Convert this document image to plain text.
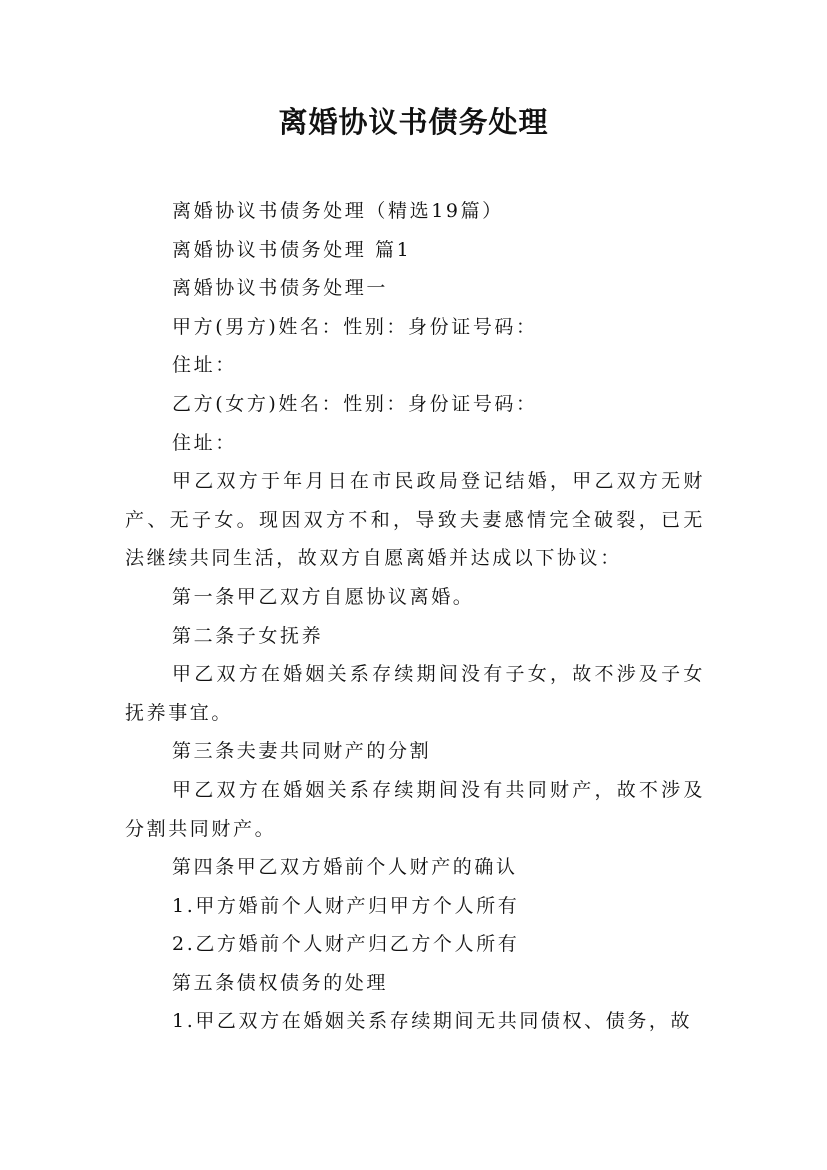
离婚协议书债务处理

离婚协议书债务处理（精选19篇）

离婚协议书债务处理 篇1

离婚协议书债务处理一

甲方(男方)姓名：性别：身份证号码：

住址：

乙方(女方)姓名：性别：身份证号码：

住址：

甲乙双方于年月日在市民政局登记结婚，甲乙双方无财产、无子女。现因双方不和，导致夫妻感情完全破裂，已无法继续共同生活，故双方自愿离婚并达成以下协议：

第一条甲乙双方自愿协议离婚。

第二条子女抚养

甲乙双方在婚姻关系存续期间没有子女，故不涉及子女抚养事宜。

第三条夫妻共同财产的分割

甲乙双方在婚姻关系存续期间没有共同财产，故不涉及分割共同财产。

第四条甲乙双方婚前个人财产的确认

1.甲方婚前个人财产归甲方个人所有

2.乙方婚前个人财产归乙方个人所有

第五条债权债务的处理

1.甲乙双方在婚姻关系存续期间无共同债权、债务，故
